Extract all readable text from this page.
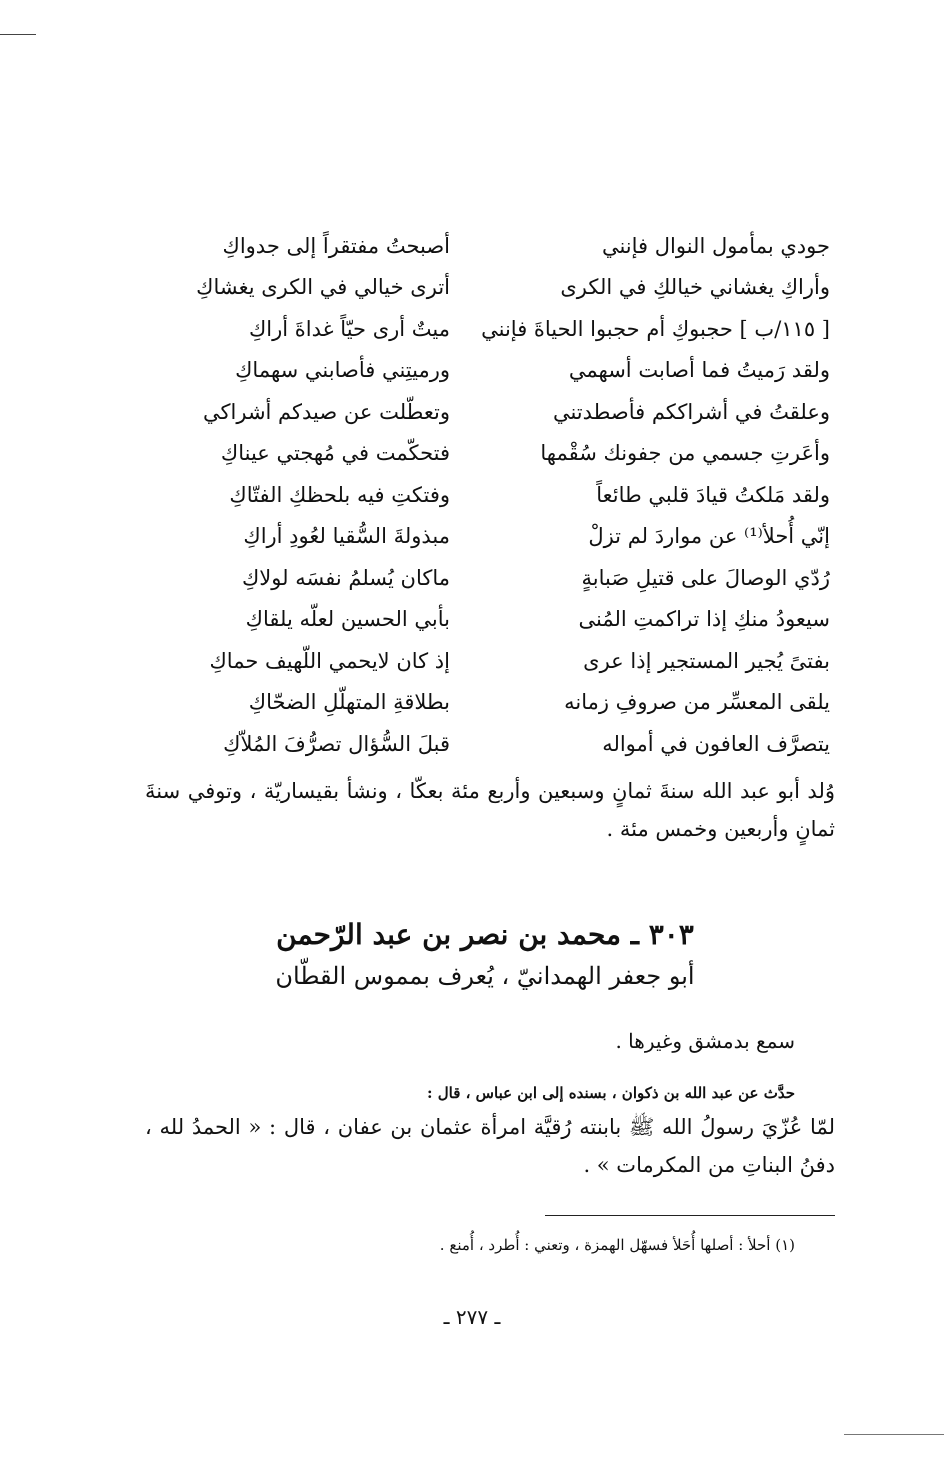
جودي بمأمول النوال فإنني
أصبحتُ مفتقراً إلى جدواكِ
وأراكِ يغشاني خيالكِ في الكرى
أترى خيالي في الكرى يغشاكِ
[ ١١٥/ب ] حجبوكِ أم حجبوا الحياةَ فإنني
ميتٌ أرى حيّاً غداةَ أراكِ
ولقد رَميتُ فما أصابت أسهمي
ورميتِني فأصابني سهماكِ
وعلقتُ في أشراككم فأصطدتني
وتعطّلت عن صيدكم أشراكي
وأعَرتِ جسمي من جفونك سُقْمها
فتحكّمت في مُهجتي عيناكِ
ولقد مَلكتُ قيادَ قلبي طائعاً
وفتكتِ فيه بلحظكِ الفتّاكِ
إنّي أُحلأ⁽¹⁾ عن مواردَ لم تزلْ
مبذولةَ السُّقيا لعُودِ أراكِ
رُدّي الوصالَ على قتيلِ صَبابةٍ
ماكان يُسلمُ نفسَه لولاكِ
سيعودُ منكِ إذا تراكمتِ المُنى
بأبي الحسين لعلّه يلقاكِ
بفتىً يُجير المستجير إذا عرى
إذ كان لايحمي اللّهيف حماكِ
يلقى المعسِّر من صروفِ زمانه
بطلاقةِ المتهلّلِ الضحّاكِ
يتصرَّف العافون في أمواله
قبلَ السُّؤال تصرُّفَ المُلاّكِ
وُلد أبو عبد الله سنةَ ثمانٍ وسبعين وأربع مئة بعكّا ، ونشأ بقيساريّة ، وتوفي سنةَ ثمانٍ وأربعين وخمس مئة .
٣٠٣ ـ محمد بن نصر بن عبد الرّحمن
أبو جعفر الهمدانيّ ، يُعرف بمموس القطّان
سمع بدمشق وغيرها .
حدَّث عن عبد الله بن ذكوان ، بسنده إلى ابن عباس ، قال :
لمّا عُزّيَ رسولُ الله ﷺ بابنته رُقيَّة امرأة عثمان بن عفان ، قال : « الحمدُ لله ، دفنُ البناتِ من المكرمات » .
(١) أحلأ : أصلها أُحَلأ فسهّل الهمزة ، وتعني : أُطرد ، أُمنع .
ـ ٢٧٧ ـ
